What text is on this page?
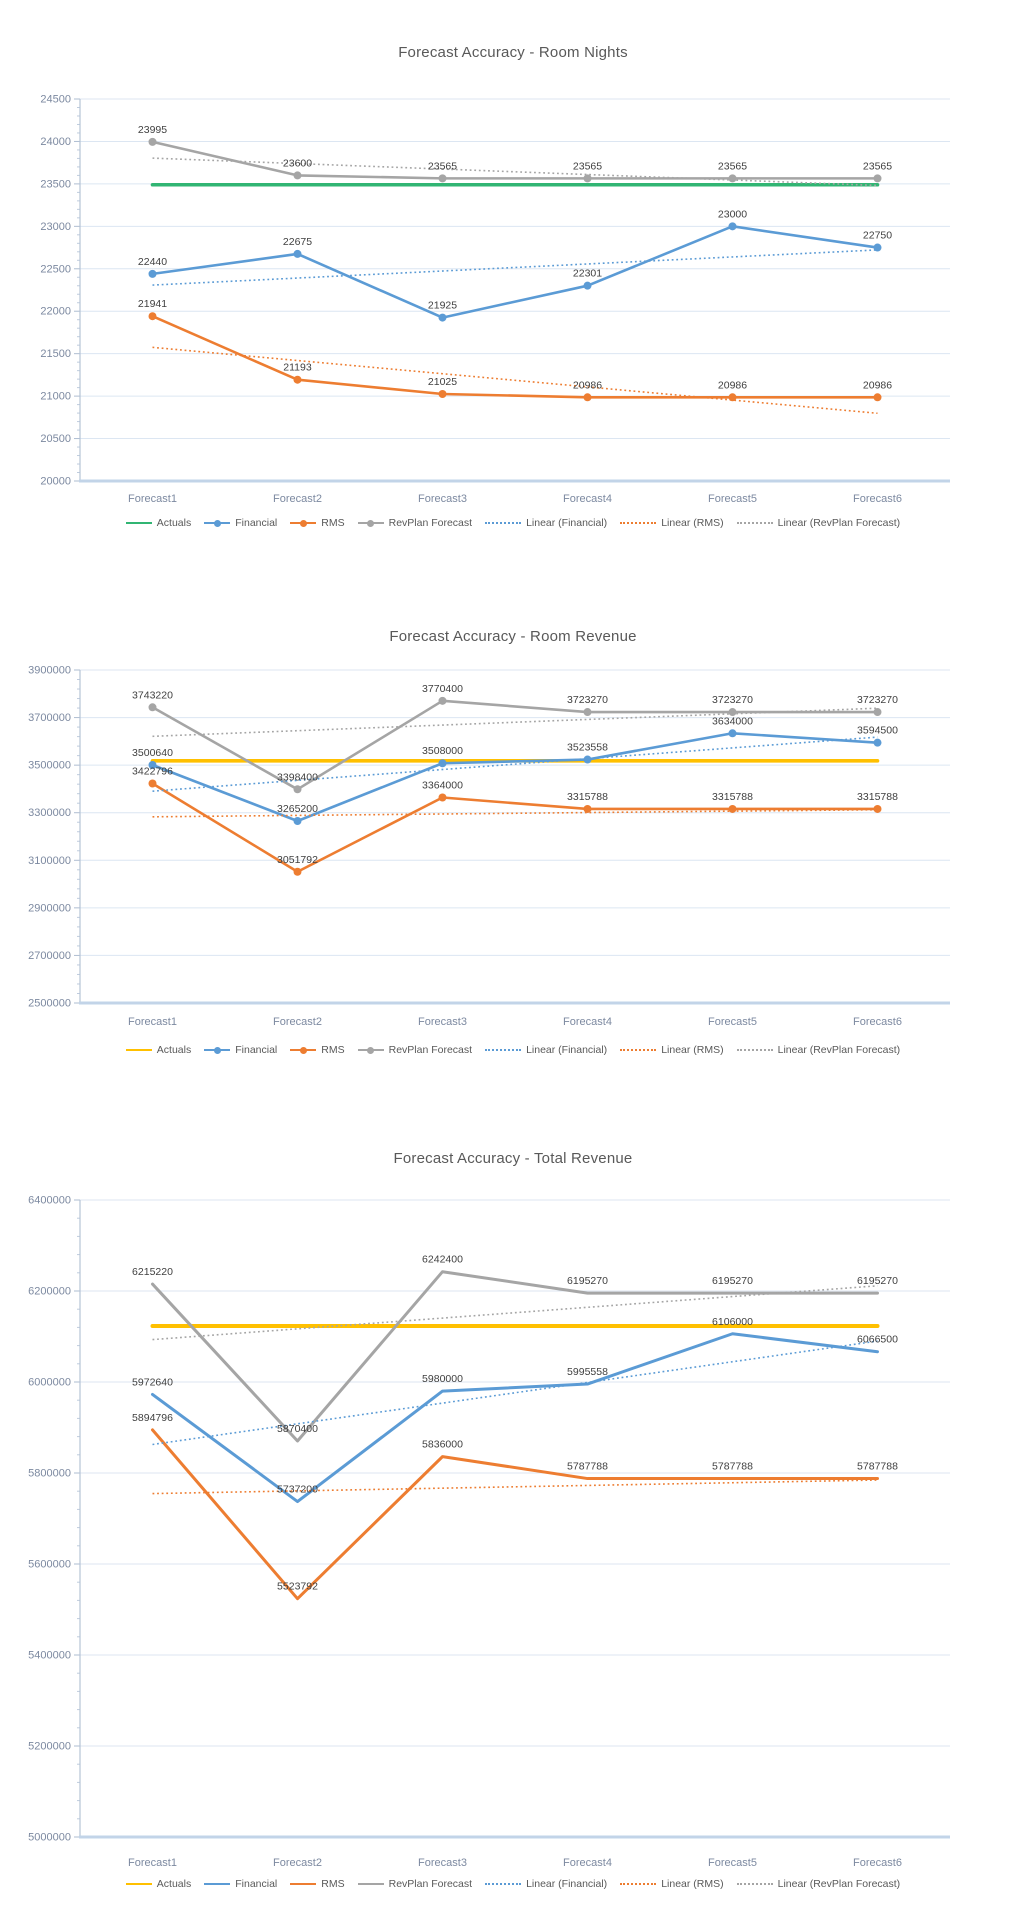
Forecast Accuracy - Room Nights
20000
20500
21000
21500
22000
22500
23000
23500
24000
24500
Forecast1	Forecast2	Forecast3	Forecast4	Forecast5	Forecast6
22440
22675
21925
22301
23000
22750
21941
21193
21025	20986	20986	20986
23995
23600	23565	23565	23565	23565
Actuals	Financial	RMS	RevPlan Forecast	Linear (Financial)	Linear (RMS)	Linear (RevPlan Forecast)
Forecast Accuracy - Room Revenue
2500000
2700000
2900000
3100000
3300000
3500000
3700000
3900000
Forecast1	Forecast2	Forecast3	Forecast4	Forecast5	Forecast6
3500640
3265200
3508000	3523558
3634000
3594500
3422796
3051792
3364000
3315788	3315788	3315788
3743220
3398400
3770400
3723270	3723270	3723270
Actuals	Financial	RMS	RevPlan Forecast	Linear (Financial)	Linear (RMS)	Linear (RevPlan Forecast)
Forecast Accuracy - Total Revenue
5000000
5200000
5400000
5600000
5800000
6000000
6200000
6400000
Forecast1	Forecast2	Forecast3	Forecast4	Forecast5	Forecast6
5972640
5737200
5980000
5995558
6106000
6066500
5894796
5523792
5836000
5787788	5787788	5787788
6215220
5870400
6242400
6195270	6195270	6195270
Actuals	Financial	RMS	RevPlan Forecast	Linear (Financial)	Linear (RMS)	Linear (RevPlan Forecast)
